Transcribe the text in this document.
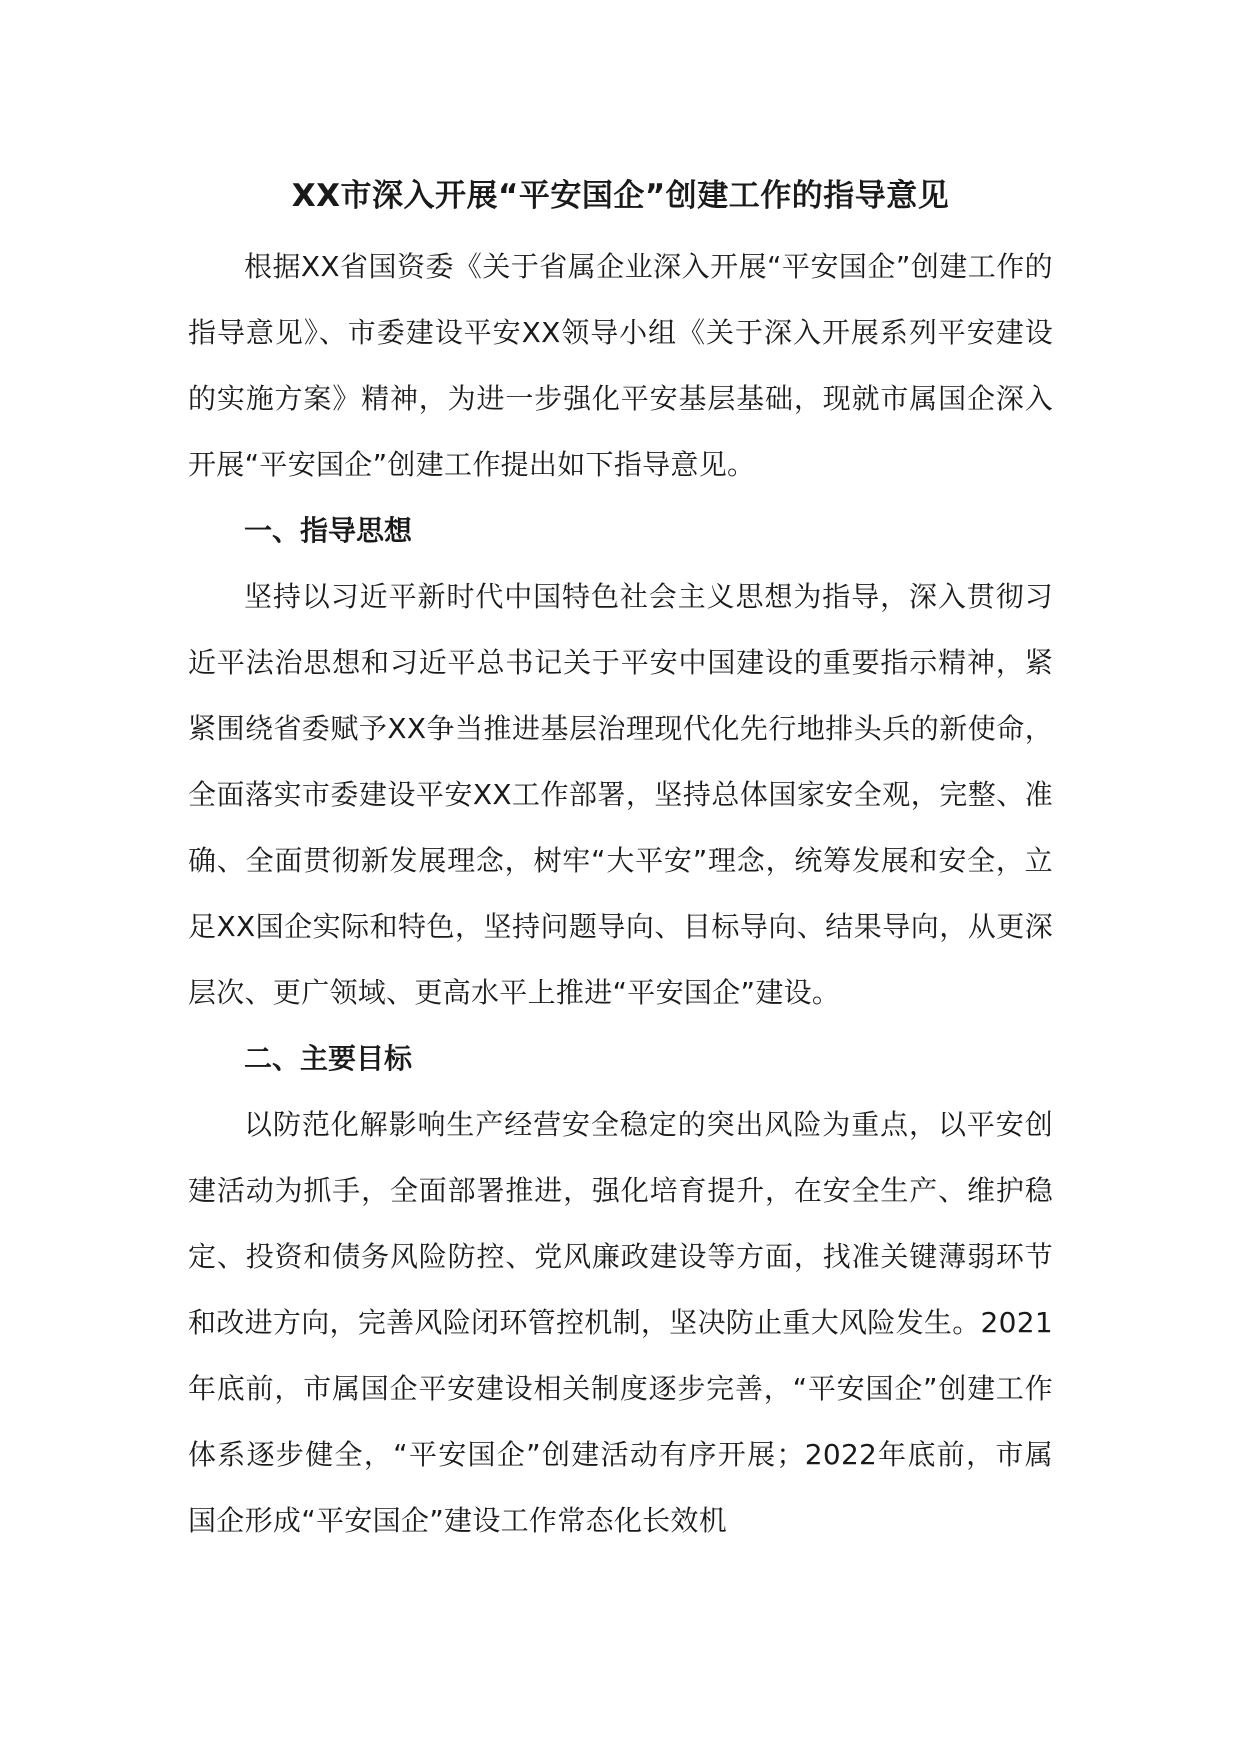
XX市深入开展“平安国企”创建工作的指导意见

根据XX省国资委《关于省属企业深入开展“平安国企”创建工作的指导意见》、市委建设平安XX领导小组《关于深入开展系列平安建设的实施方案》精神，为进一步强化平安基层基础，现就市属国企深入开展“平安国企”创建工作提出如下指导意见。

一、指导思想

坚持以习近平新时代中国特色社会主义思想为指导，深入贯彻习近平法治思想和习近平总书记关于平安中国建设的重要指示精神，紧紧围绕省委赋予XX争当推进基层治理现代化先行地排头兵的新使命，全面落实市委建设平安XX工作部署，坚持总体国家安全观，完整、准确、全面贯彻新发展理念，树牢“大平安”理念，统筹发展和安全，立足XX国企实际和特色，坚持问题导向、目标导向、结果导向，从更深层次、更广领域、更高水平上推进“平安国企”建设。

二、主要目标

以防范化解影响生产经营安全稳定的突出风险为重点，以平安创建活动为抓手，全面部署推进，强化培育提升，在安全生产、维护稳定、投资和债务风险防控、党风廉政建设等方面，找准关键薄弱环节和改进方向，完善风险闭环管控机制，坚决防止重大风险发生。2021年底前，市属国企平安建设相关制度逐步完善，“平安国企”创建工作体系逐步健全，“平安国企”创建活动有序开展；2022年底前，市属国企形成“平安国企”建设工作常态化长效机
